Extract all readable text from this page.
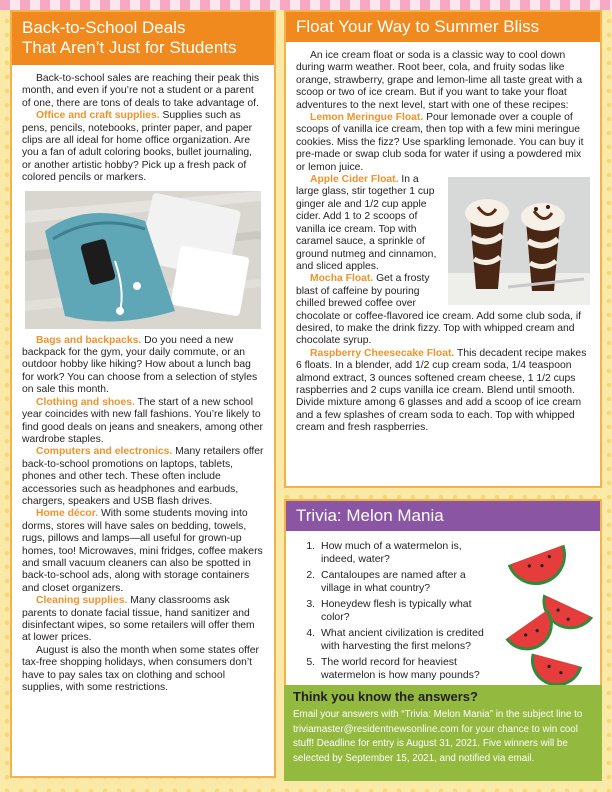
Back-to-School Deals
That Aren’t Just for Students

Back-to-school sales are reaching their peak this month, and even if you’re not a student or a parent of one, there are tons of deals to take advantage of.

Office and craft supplies. Supplies such as pens, pencils, notebooks, printer paper, and paper clips are all ideal for home office organization. Are you a fan of adult coloring books, bullet journaling, or another artistic hobby? Pick up a fresh pack of colored pencils or markers.

Bags and backpacks. Do you need a new backpack for the gym, your daily commute, or an outdoor hobby like hiking? How about a lunch bag for work? You can choose from a selection of styles on sale this month.

Clothing and shoes. The start of a new school year coincides with new fall fashions. You’re likely to find good deals on jeans and sneakers, among other wardrobe staples.

Computers and electronics. Many retailers offer back-to-school promotions on laptops, tablets, phones and other tech. These often include accessories such as headphones and earbuds, chargers, speakers and USB flash drives.

Home décor. With some students moving into dorms, stores will have sales on bedding, towels, rugs, pillows and lamps—all useful for grown-up homes, too! Microwaves, mini fridges, coffee makers and small vacuum cleaners can also be spotted in back-to-school ads, along with storage containers and closet organizers.

Cleaning supplies. Many classrooms ask parents to donate facial tissue, hand sanitizer and disinfectant wipes, so some retailers will offer them at lower prices.

August is also the month when some states offer tax-free shopping holidays, when consumers don’t have to pay sales tax on clothing and school supplies, with some restrictions.

Float Your Way to Summer Bliss

An ice cream float or soda is a classic way to cool down during warm weather. Root beer, cola, and fruity sodas like orange, strawberry, grape and lemon-lime all taste great with a scoop or two of ice cream. But if you want to take your float adventures to the next level, start with one of these recipes:

Lemon Meringue Float. Pour lemonade over a couple of scoops of vanilla ice cream, then top with a few mini meringue cookies. Miss the fizz? Use sparkling lemonade. You can buy it pre-made or swap club soda for water if using a powdered mix or lemon juice.

Apple Cider Float. In a large glass, stir together 1 cup ginger ale and 1/2 cup apple cider. Add 1 to 2 scoops of vanilla ice cream. Top with caramel sauce, a sprinkle of ground nutmeg and cinnamon, and sliced apples.

Mocha Float. Get a frosty blast of caffeine by pouring chilled brewed coffee over chocolate or coffee-flavored ice cream. Add some club soda, if desired, to make the drink fizzy. Top with whipped cream and chocolate syrup.

Raspberry Cheesecake Float. This decadent recipe makes 6 floats. In a blender, add 1/2 cup cream soda, 1/4 teaspoon almond extract, 3 ounces softened cream cheese, 1 1/2 cups raspberries and 2 cups vanilla ice cream. Blend until smooth. Divide mixture among 6 glasses and add a scoop of ice cream and a few splashes of cream soda to each. Top with whipped cream and fresh raspberries.

Trivia: Melon Mania
1. How much of a watermelon is, indeed, water?
2. Cantaloupes are named after a village in what country?
3. Honeydew flesh is typically what color?
4. What ancient civilization is credited with harvesting the first melons?
5. The world record for heaviest watermelon is how many pounds?
Think you know the answers?

Email your answers with “Trivia: Melon Mania” in the subject line to triviamaster@residentnewsonline.com for your chance to win cool stuff! Deadline for entry is August 31, 2021. Five winners will be selected by September 15, 2021, and notified via email.
